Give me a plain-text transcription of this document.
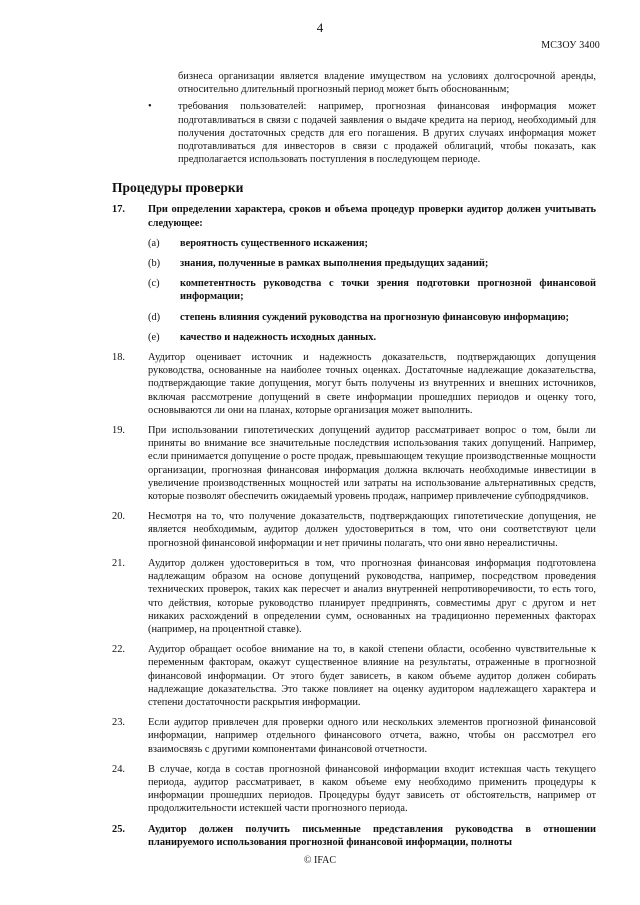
4
МСЗОУ 3400
бизнеса организации является владение имуществом на условиях долгосрочной аренды, относительно длительный прогнозный период может быть обоснованным;
•	требования пользователей: например, прогнозная финансовая информация может подготавливаться в связи с подачей заявления о выдаче кредита на период, необходимый для получения достаточных средств для его погашения. В других случаях информация может подготавливаться для инвесторов в связи с продажей облигаций, чтобы показать, как предполагается использовать поступления в последующем периоде.
Процедуры проверки
17. При определении характера, сроков и объема процедур проверки аудитор должен учитывать следующее:
(a) вероятность существенного искажения;
(b) знания, полученные в рамках выполнения предыдущих заданий;
(c) компетентность руководства с точки зрения подготовки прогнозной финансовой информации;
(d) степень влияния суждений руководства на прогнозную финансовую информацию;
(e) качество и надежность исходных данных.
18. Аудитор оценивает источник и надежность доказательств, подтверждающих допущения руководства, основанные на наиболее точных оценках. Достаточные надлежащие доказательства, подтверждающие такие допущения, могут быть получены из внутренних и внешних источников, включая рассмотрение допущений в свете информации прошедших периодов и оценку того, основываются ли они на планах, которые организация может выполнить.
19. При использовании гипотетических допущений аудитор рассматривает вопрос о том, были ли приняты во внимание все значительные последствия использования таких допущений. Например, если принимается допущение о росте продаж, превышающем текущие производственные мощности организации, прогнозная финансовая информация должна включать необходимые инвестиции в увеличение производственных мощностей или затраты на использование альтернативных средств, которые позволят обеспечить ожидаемый уровень продаж, например привлечение субподрядчиков.
20. Несмотря на то, что получение доказательств, подтверждающих гипотетические допущения, не является необходимым, аудитор должен удостовериться в том, что они соответствуют цели прогнозной финансовой информации и нет причины полагать, что они явно нереалистичны.
21. Аудитор должен удостовериться в том, что прогнозная финансовая информация подготовлена надлежащим образом на основе допущений руководства, например, посредством проведения технических проверок, таких как пересчет и анализ внутренней непротиворечивости, то есть того, что действия, которые руководство планирует предпринять, совместимы друг с другом и нет никаких расхождений в определении сумм, основанных на традиционно переменных факторах (например, на процентной ставке).
22. Аудитор обращает особое внимание на то, в какой степени области, особенно чувствительные к переменным факторам, окажут существенное влияние на результаты, отраженные в прогнозной финансовой информации. От этого будет зависеть, в каком объеме аудитор должен собирать надлежащие доказательства. Это также повлияет на оценку аудитором надлежащего характера и степени достаточности раскрытия информации.
23. Если аудитор привлечен для проверки одного или нескольких элементов прогнозной финансовой информации, например отдельного финансового отчета, важно, чтобы он рассмотрел его взаимосвязь с другими компонентами финансовой отчетности.
24. В случае, когда в состав прогнозной финансовой информации входит истекшая часть текущего периода, аудитор рассматривает, в каком объеме ему необходимо применить процедуры к информации прошедших периодов. Процедуры будут зависеть от обстоятельств, например от продолжительности истекшей части прогнозного периода.
25. Аудитор должен получить письменные представления руководства в отношении планируемого использования прогнозной финансовой информации, полноты
© IFAC
